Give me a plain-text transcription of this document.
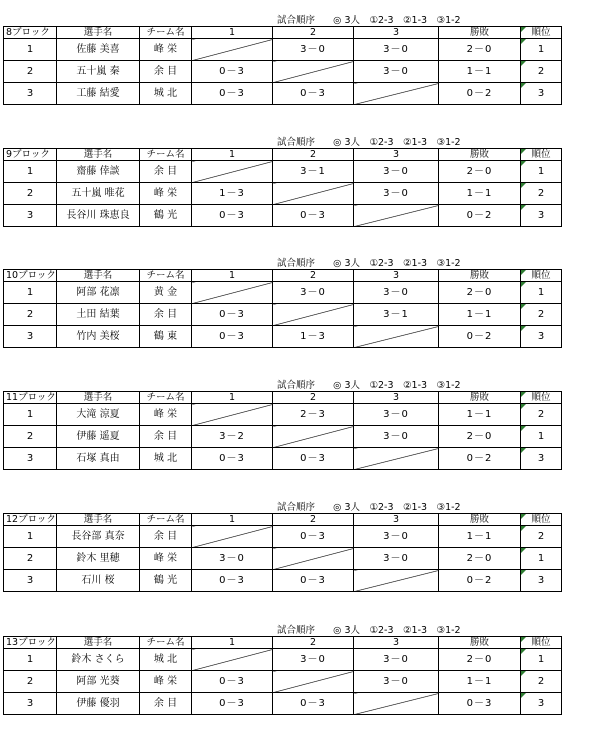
試合順序 ◎ 3人　①2-3　②1-3　③1-2
8ブロック	選手名	チーム名	1	2	3	勝敗	順位
1	佐藤 美喜	峰 栄		3－0	3－0	2－0	1
2	五十嵐 秦	余 目	0－3		3－0	1－1	2
3	工藤 結愛	城 北	0－3	0－3		0－2	3
試合順序 ◎ 3人　①2-3　②1-3　③1-2
9ブロック	選手名	チーム名	1	2	3	勝敗	順位
1	齋藤 倖談	余 目		3－1	3－0	2－0	1
2	五十嵐 唯花	峰 栄	1－3		3－0	1－1	2
3	長谷川 珠恵良	鶴 光	0－3	0－3		0－2	3
試合順序 ◎ 3人　①2-3　②1-3　③1-2
10ブロック	選手名	チーム名	1	2	3	勝敗	順位
1	阿部 花凛	黄 金		3－0	3－0	2－0	1
2	土田 結葉	余 目	0－3		3－1	1－1	2
3	竹内 美桜	鶴 東	0－3	1－3		0－2	3
試合順序 ◎ 3人　①2-3　②1-3　③1-2
11ブロック	選手名	チーム名	1	2	3	勝敗	順位
1	大滝 涼夏	峰 栄		2－3	3－0	1－1	2
2	伊藤 遥夏	余 目	3－2		3－0	2－0	1
3	石塚 真由	城 北	0－3	0－3		0－2	3
試合順序 ◎ 3人　①2-3　②1-3　③1-2
12ブロック	選手名	チーム名	1	2	3	勝敗	順位
1	長谷部 真奈	余 目		0－3	3－0	1－1	2
2	鈴木 里穂	峰 栄	3－0		3－0	2－0	1
3	石川 桜	鶴 光	0－3	0－3		0－2	3
試合順序 ◎ 3人　①2-3　②1-3　③1-2
13ブロック	選手名	チーム名	1	2	3	勝敗	順位
1	鈴木 さくら	城 北		3－0	3－0	2－0	1
2	阿部 光葵	峰 栄	0－3		3－0	1－1	2
3	伊藤 優羽	余 目	0－3	0－3		0－3	3
